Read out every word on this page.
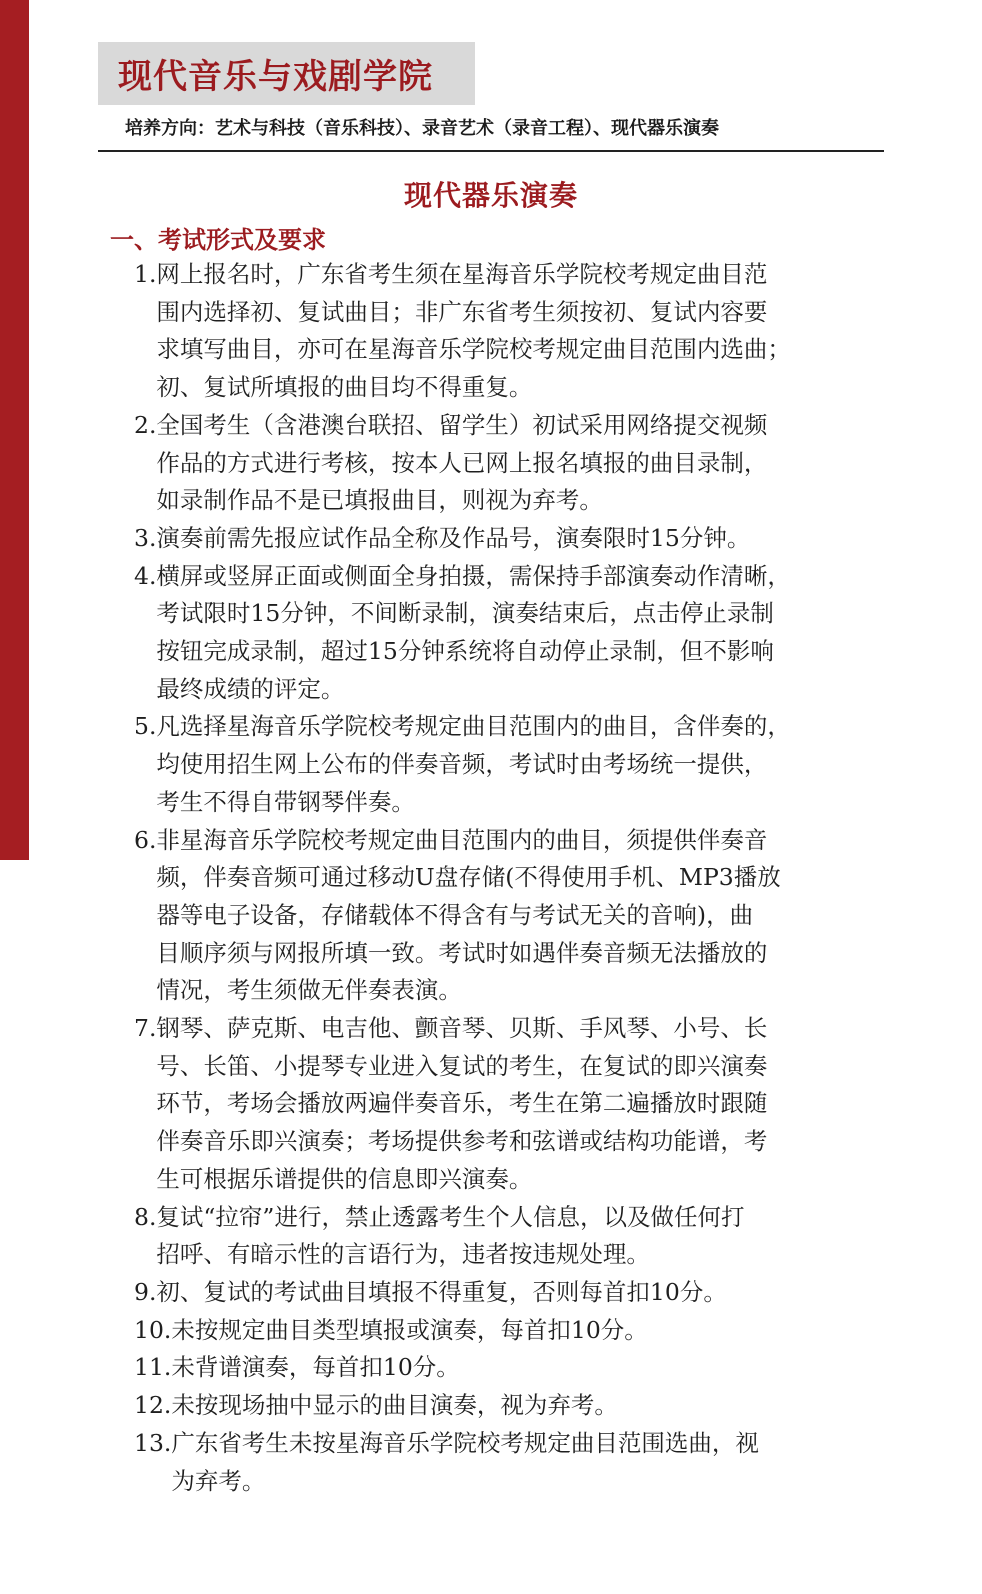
现代音乐与戏剧学院
培养方向：艺术与科技（音乐科技）、录音艺术（录音工程）、现代器乐演奏
现代器乐演奏
一、考试形式及要求
1. 网上报名时，广东省考生须在星海音乐学院校考规定曲目范
围内选择初、复试曲目；非广东省考生须按初、复试内容要
求填写曲目，亦可在星海音乐学院校考规定曲目范围内选曲；
初、复试所填报的曲目均不得重复。
2. 全国考生（含港澳台联招、留学生）初试采用网络提交视频
作品的方式进行考核，按本人已网上报名填报的曲目录制，
如录制作品不是已填报曲目，则视为弃考。
3. 演奏前需先报应试作品全称及作品号，演奏限时15分钟。
4. 横屏或竖屏正面或侧面全身拍摄，需保持手部演奏动作清晰，
考试限时15分钟，不间断录制，演奏结束后，点击停止录制
按钮完成录制，超过15分钟系统将自动停止录制，但不影响
最终成绩的评定。
5. 凡选择星海音乐学院校考规定曲目范围内的曲目，含伴奏的，
均使用招生网上公布的伴奏音频，考试时由考场统一提供，
考生不得自带钢琴伴奏。
6. 非星海音乐学院校考规定曲目范围内的曲目，须提供伴奏音
频，伴奏音频可通过移动U盘存储(不得使用手机、MP3播放
器等电子设备，存储载体不得含有与考试无关的音响)，曲
目顺序须与网报所填一致。考试时如遇伴奏音频无法播放的
情况，考生须做无伴奏表演。
7. 钢琴、萨克斯、电吉他、颤音琴、贝斯、手风琴、小号、长
号、长笛、小提琴专业进入复试的考生，在复试的即兴演奏
环节，考场会播放两遍伴奏音乐，考生在第二遍播放时跟随
伴奏音乐即兴演奏；考场提供参考和弦谱或结构功能谱，考
生可根据乐谱提供的信息即兴演奏。
8. 复试“拉帘”进行，禁止透露考生个人信息，以及做任何打
招呼、有暗示性的言语行为，违者按违规处理。
9. 初、复试的考试曲目填报不得重复，否则每首扣10分。
10. 未按规定曲目类型填报或演奏，每首扣10分。
11. 未背谱演奏，每首扣10分。
12. 未按现场抽中显示的曲目演奏，视为弃考。
13. 广东省考生未按星海音乐学院校考规定曲目范围选曲，视
为弃考。
